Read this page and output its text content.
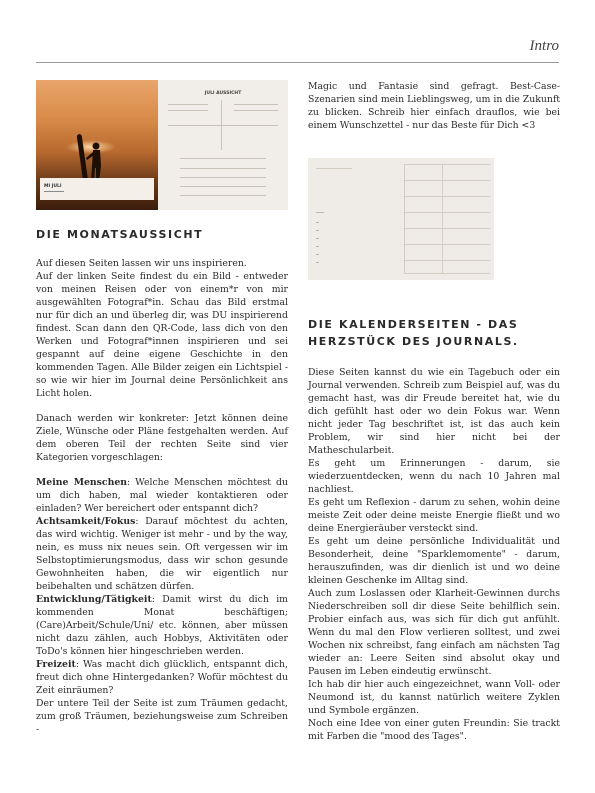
Intro
MI JULI
JULI AUSSICHT
DIE MONATSAUSSICHT

Auf diesen Seiten lassen wir uns inspirieren.

Auf der linken Seite findest du ein Bild - entweder von meinen Reisen oder von einem*r von mir ausgewählten Fotograf*in. Schau das Bild erstmal nur für dich an und überleg dir, was DU inspirierend findest. Scan dann den QR-Code, lass dich von den Werken und Fotograf*innen inspirieren und sei gespannt auf deine eigene Geschichte in den kommenden Tagen. Alle Bilder zeigen ein Lichtspiel - so wie wir hier im Journal deine Persönlichkeit ans Licht holen.

Danach werden wir konkreter: Jetzt können deine Ziele, Wünsche oder Pläne festgehalten werden. Auf dem oberen Teil der rechten Seite sind vier Kategorien vorgeschlagen:

Meine Menschen: Welche Menschen möchtest du um dich haben, mal wieder kontaktieren oder einladen? Wer bereichert oder entspannt dich?

Achtsamkeit/Fokus: Darauf möchtest du achten, das wird wichtig. Weniger ist mehr - und by the way, nein, es muss nix neues sein. Oft vergessen wir im Selbstoptimierungsmodus, dass wir schon gesunde Gewohnheiten haben, die wir eigentlich nur beibehalten und schätzen dürfen.

Entwicklung/Tätigkeit: Damit wirst du dich im kommenden Monat beschäftigen; (Care)Arbeit/Schule/Uni/ etc. können, aber müssen nicht dazu zählen, auch Hobbys, Aktivitäten oder ToDo's können hier hingeschrieben werden.

Freizeit: Was macht dich glücklich, entspannt dich, freut dich ohne Hintergedanken? Wofür möchtest du Zeit einräumen?

Der untere Teil der Seite ist zum Träumen gedacht, zum groß Träumen, beziehungsweise zum Schreiben -

Magic und Fantasie sind gefragt. Best-Case-Szenarien sind mein Lieblingsweg, um in die Zukunft zu blicken. Schreib hier einfach drauflos, wie bei einem Wunschzettel - nur das Beste für Dich <3

DIE KALENDERSEITEN - DAS HERZSTÜCK DES JOURNALS.

Diese Seiten kannst du wie ein Tagebuch oder ein Journal verwenden. Schreib zum Beispiel auf, was du gemacht hast, was dir Freude bereitet hat, wie du dich gefühlt hast oder wo dein Fokus war. Wenn nicht jeder Tag beschriftet ist, ist das auch kein Problem, wir sind hier nicht bei der Matheschularbeit.

Es geht um Erinnerungen - darum, sie wiederzuentdecken, wenn du nach 10 Jahren mal nachliest.

Es geht um Reflexion - darum zu sehen, wohin deine meiste Zeit oder deine meiste Energie fließt und wo deine Energieräuber versteckt sind.

Es geht um deine persönliche Individualität und Besonderheit, deine "Sparklemomente" - darum, herauszufinden, was dir dienlich ist und wo deine kleinen Geschenke im Alltag sind.

Auch zum Loslassen oder Klarheit-Gewinnen durchs Niederschreiben soll dir diese Seite behilflich sein. Probier einfach aus, was sich für dich gut anfühlt. Wenn du mal den Flow verlieren solltest, und zwei Wochen nix schreibst, fang einfach am nächsten Tag wieder an: Leere Seiten sind absolut okay und Pausen im Leben eindeutig erwünscht.

Ich hab dir hier auch eingezeichnet, wann Voll- oder Neumond ist, du kannst natürlich weitere Zyklen und Symbole ergänzen.

Noch eine Idee von einer guten Freundin: Sie trackt mit Farben die "mood des Tages".
